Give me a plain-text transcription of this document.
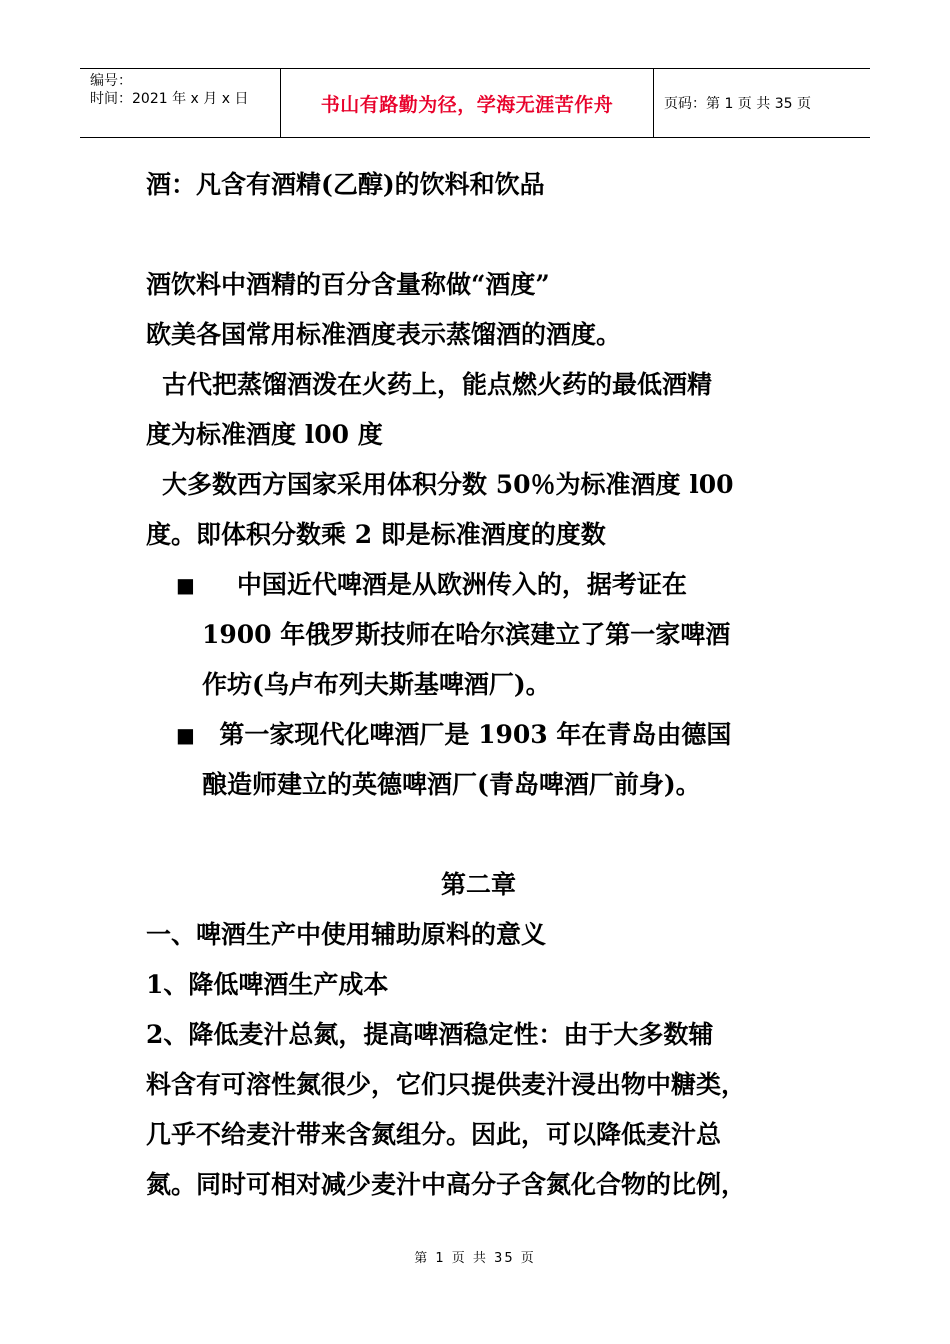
编号：
时间：2021 年 x 月 x 日	书山有路勤为径，学海无涯苦作舟	页码：第 1 页 共 35 页

酒：凡含有酒精(乙醇)的饮料和饮品

酒饮料中酒精的百分含量称做“酒度”

欧美各国常用标准酒度表示蒸馏酒的酒度。

古代把蒸馏酒泼在火药上，能点燃火药的最低酒精

度为标准酒度 l00 度

大多数西方国家采用体积分数 50％为标准酒度 l00

度。即体积分数乘 2 即是标准酒度的度数

■ 中国近代啤酒是从欧洲传入的，据考证在
1900 年俄罗斯技师在哈尔滨建立了第一家啤酒
作坊(乌卢布列夫斯基啤酒厂)。
■ 第一家现代化啤酒厂是 1903 年在青岛由德国
酿造师建立的英德啤酒厂(青岛啤酒厂前身)。

第二章

一、啤酒生产中使用辅助原料的意义

1、降低啤酒生产成本

2、降低麦汁总氮，提高啤酒稳定性：由于大多数辅

料含有可溶性氮很少，它们只提供麦汁浸出物中糖类，

几乎不给麦汁带来含氮组分。因此，可以降低麦汁总

氮。同时可相对减少麦汁中高分子含氮化合物的比例，

第 1 页 共 35 页
